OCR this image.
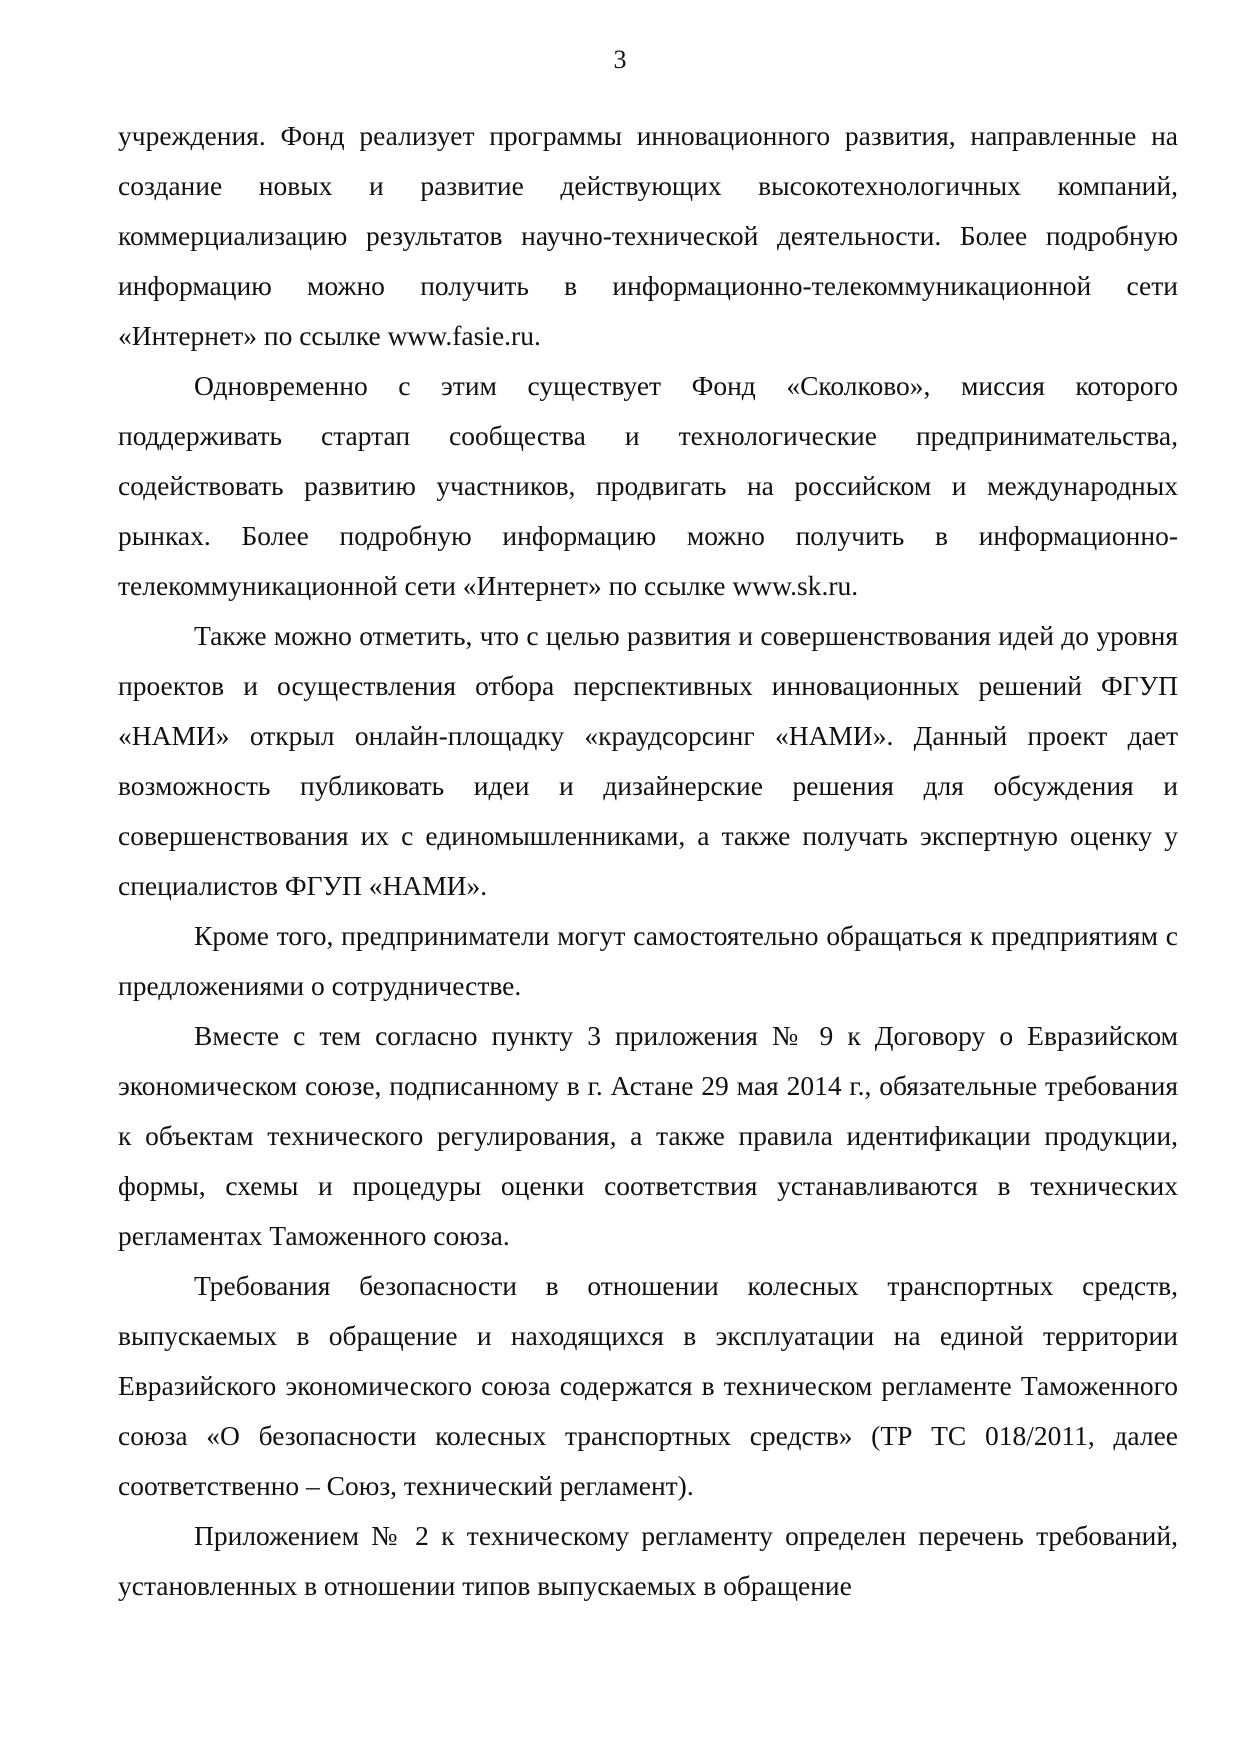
3

учреждения. Фонд реализует программы инновационного развития, направленные на создание новых и развитие действующих высокотехнологичных компаний, коммерциализацию результатов научно-технической деятельности. Более подробную информацию можно получить в информационно-телекоммуникационной сети «Интернет» по ссылке www.fasie.ru.

Одновременно с этим существует Фонд «Сколково», миссия которого поддерживать стартап сообщества и технологические предпринимательства, содействовать развитию участников, продвигать на российском и международных рынках. Более подробную информацию можно получить в информационно-телекоммуникационной сети «Интернет» по ссылке www.sk.ru.

Также можно отметить, что с целью развития и совершенствования идей до уровня проектов и осуществления отбора перспективных инновационных решений ФГУП «НАМИ» открыл онлайн-площадку «краудсорсинг «НАМИ». Данный проект дает возможность публиковать идеи и дизайнерские решения для обсуждения и совершенствования их с единомышленниками, а также получать экспертную оценку у специалистов ФГУП «НАМИ».

Кроме того, предприниматели могут самостоятельно обращаться к предприятиям с предложениями о сотрудничестве.

Вместе с тем согласно пункту 3 приложения № 9 к Договору о Евразийском экономическом союзе, подписанному в г. Астане 29 мая 2014 г., обязательные требования к объектам технического регулирования, а также правила идентификации продукции, формы, схемы и процедуры оценки соответствия устанавливаются в технических регламентах Таможенного союза.

Требования безопасности в отношении колесных транспортных средств, выпускаемых в обращение и находящихся в эксплуатации на единой территории Евразийского экономического союза содержатся в техническом регламенте Таможенного союза «О безопасности колесных транспортных средств» (ТР ТС 018/2011, далее соответственно – Союз, технический регламент).

Приложением № 2 к техническому регламенту определен перечень требований, установленных в отношении типов выпускаемых в обращение
